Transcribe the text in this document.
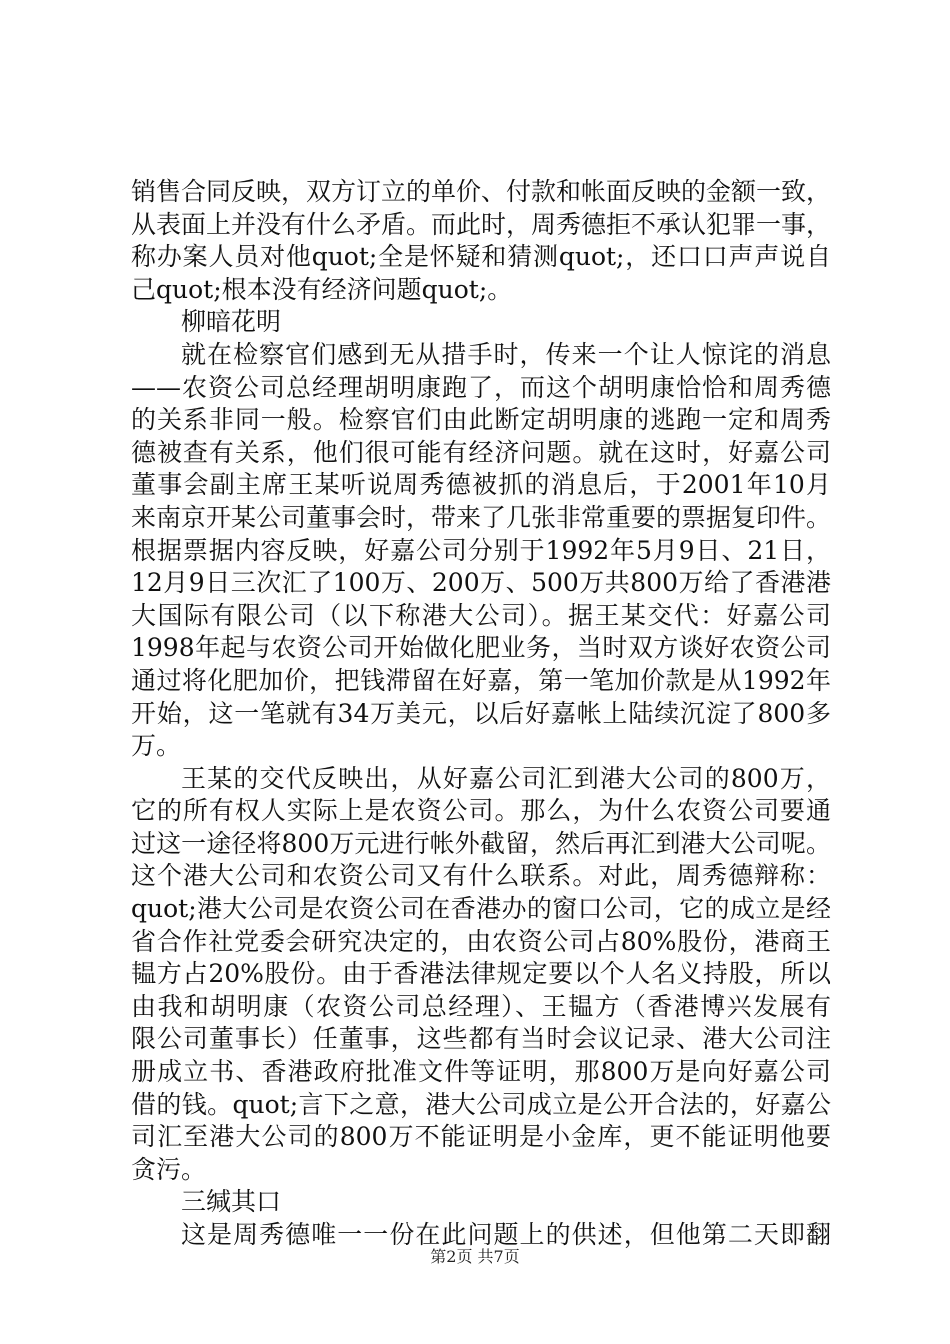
销售合同反映，双方订立的单价、付款和帐面反映的金额一致，
从表面上并没有什么矛盾。而此时，周秀德拒不承认犯罪一事，
称办案人员对他quot;全是怀疑和猜测quot;，还口口声声说自
己quot;根本没有经济问题quot;。
柳暗花明
就在检察官们感到无从措手时，传来一个让人惊诧的消息
——农资公司总经理胡明康跑了，而这个胡明康恰恰和周秀德
的关系非同一般。检察官们由此断定胡明康的逃跑一定和周秀
德被查有关系，他们很可能有经济问题。就在这时，好嘉公司
董事会副主席王某听说周秀德被抓的消息后，于2001年10月
来南京开某公司董事会时，带来了几张非常重要的票据复印件。
根据票据内容反映，好嘉公司分别于1992年5月9日、21日，
12月9日三次汇了100万、200万、500万共800万给了香港港
大国际有限公司（以下称港大公司）。据王某交代：好嘉公司
1998年起与农资公司开始做化肥业务，当时双方谈好农资公司
通过将化肥加价，把钱滞留在好嘉，第一笔加价款是从1992年
开始，这一笔就有34万美元，以后好嘉帐上陆续沉淀了800多
万。
王某的交代反映出，从好嘉公司汇到港大公司的800万，
它的所有权人实际上是农资公司。那么，为什么农资公司要通
过这一途径将800万元进行帐外截留，然后再汇到港大公司呢。
这个港大公司和农资公司又有什么联系。对此，周秀德辩称：
quot;港大公司是农资公司在香港办的窗口公司，它的成立是经
省合作社党委会研究决定的，由农资公司占80%股份，港商王
韫方占20%股份。由于香港法律规定要以个人名义持股，所以
由我和胡明康（农资公司总经理）、王韫方（香港博兴发展有
限公司董事长）任董事，这些都有当时会议记录、港大公司注
册成立书、香港政府批准文件等证明，那800万是向好嘉公司
借的钱。quot;言下之意，港大公司成立是公开合法的，好嘉公
司汇至港大公司的800万不能证明是小金库，更不能证明他要
贪污。
三缄其口
这是周秀德唯一一份在此问题上的供述，但他第二天即翻
第2页 共7页
